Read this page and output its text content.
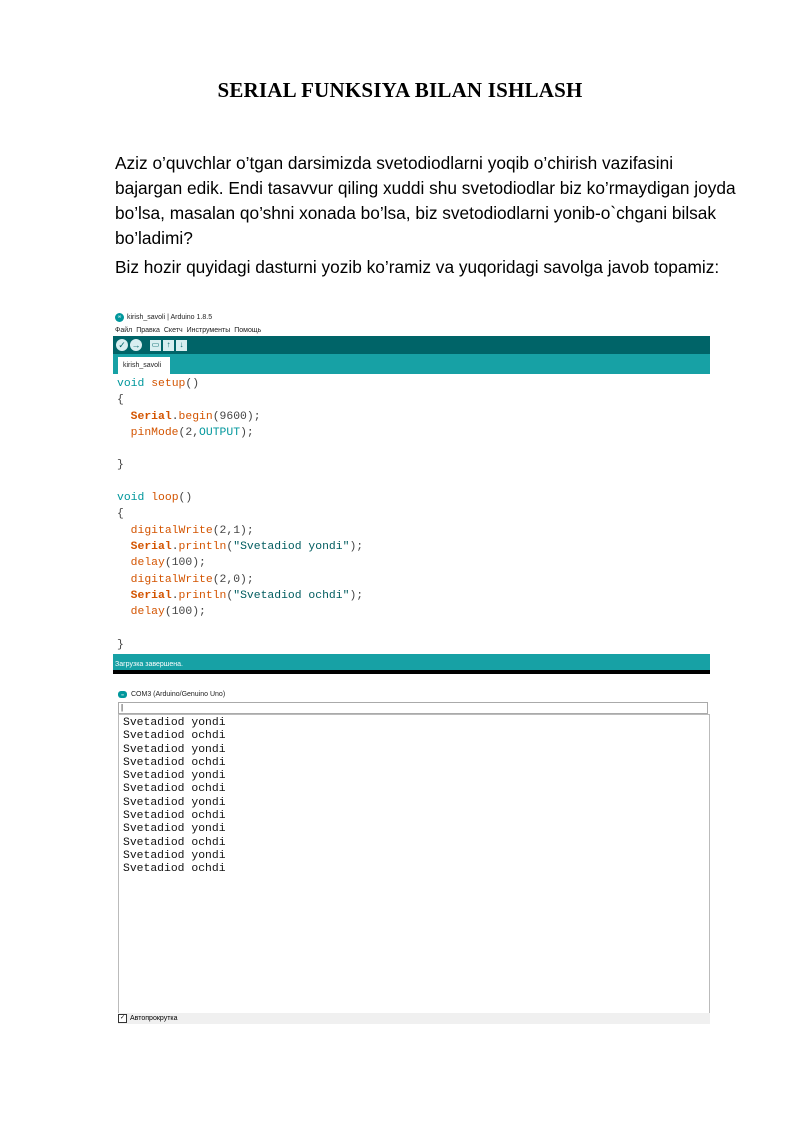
SERIAL FUNKSIYA BILAN ISHLASH

Aziz o’quvchlar o’tgan darsimizda svetodiodlarni yoqib o’chirish vazifasini bajargan edik. Endi tasavvur qiling xuddi shu svetodiodlar biz ko’rmaydigan joyda bo’lsa, masalan qo’shni xonada bo’lsa, biz svetodiodlarni yonib-o`chgani bilsak bo’ladimi?

Biz hozir quyidagi dasturni yozib ko’ramiz va yuqoridagi savolga javob topamiz:

∞ kirish_savoli | Arduino 1.8.5
Файл Правка Скетч Инструменты Помощь
✓ → ▭ ↑	↓
kirish_savoli
void setup()
{
Serial.begin(9600);
pinMode(2,OUTPUT);

}

void loop()
{
digitalWrite(2,1);
Serial.println("Svetadiod yondi");
delay(100);
digitalWrite(2,0);
Serial.println("Svetadiod ochdi");
delay(100);

}
Загрузка завершена.
∞	COM3 (Arduino/Genuino Uno)
|
Svetadiod yondi
Svetadiod ochdi
Svetadiod yondi
Svetadiod ochdi
Svetadiod yondi
Svetadiod ochdi
Svetadiod yondi
Svetadiod ochdi
Svetadiod yondi
Svetadiod ochdi
Svetadiod yondi
Svetadiod ochdi
✓ Автопрокрутка
